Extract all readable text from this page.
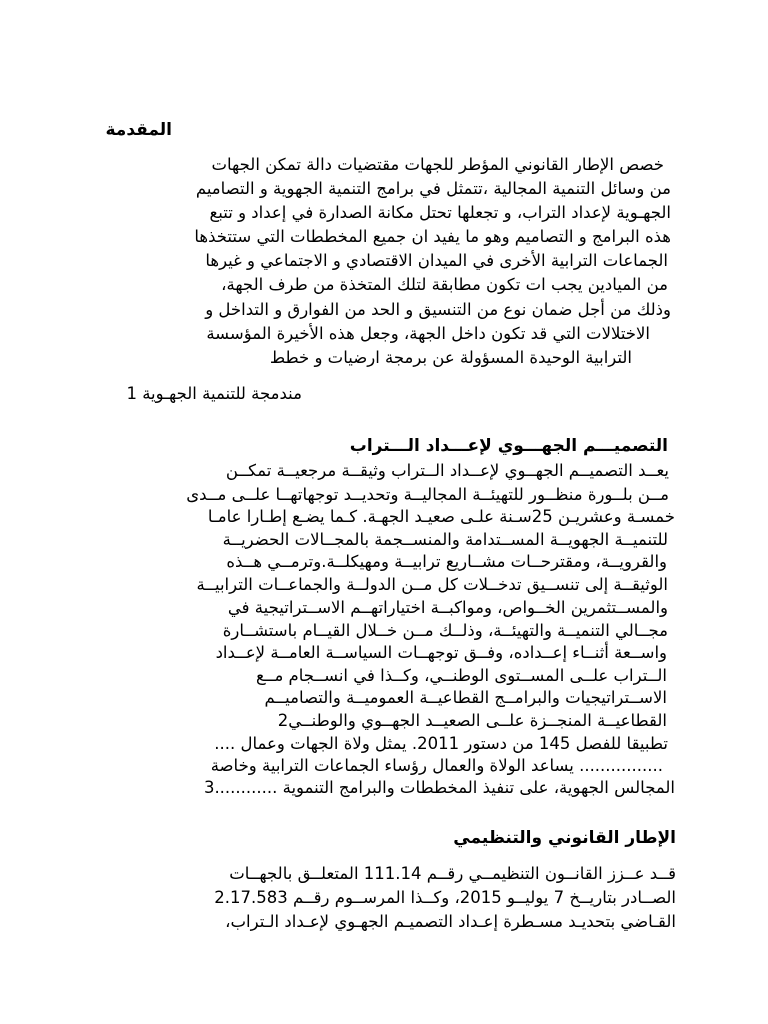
المقدمة
خصص الإطار القانوني المؤطر للجهات مقتضيات دالة تمكن الجهات
من وسائل التنمية المجالية ،تتمثل في برامج التنمية الجهوية و التصاميم
الجهـوية لإعداد التراب، و تجعلها تحتل مكانة الصدارة في إعداد و تتبع
هذه البرامج و التصاميم وهو ما يفيد ان جميع المخططات التي ستتخذها
الجماعات الترابية الأخرى في الميدان الاقتصادي و الاجتماعي و غيرها
من الميادين يجب ات تكون مطابقة لتلك المتخذة من طرف الجهة،
وذلك من أجل ضمان نوع من التنسيق و الحد من الفوارق و التداخل و
الاختلالات التي قد تكون داخل الجهة، وجعل هذه الأخيرة المؤسسة
الترابية الوحيدة المسؤولة عن برمجة ارضيات و خطط
مندمجة للتنمية الجهـوية 1
التصميـــم الجهـــوي لإعـــداد الـــتراب
يعــد التصميــم الجهــوي لإعــداد الــتراب وثيقــة مرجعيــة تمكــن
مــن بلــورة منظــور للتهيئــة المجاليــة وتحديــد توجهاتهــا علــى مــدى
خمسـة وعشريـن 25سـنة علـى صعيـد الجهـة. كـما يضـع إطـارا عامـا
للتنميــة الجهويــة المســتدامة والمنســجمة بالمجــالات الحضريــة
والقرويــة، ومقترحــات مشــاريع ترابيــة ومهيكلــة.وترمــي هــذه
الوثيقــة إلى تنســيق تدخــلات كل مــن الدولــة والجماعــات الترابيــة
والمســتثمرين الخــواص، ومواكبــة اختياراتهــم الاســتراتيجية في
مجــالي التنميــة والتهيئــة، وذلــك مــن خــلال القيــام باستشــارة
واســعة أثنــاء إعــداده، وفــق توجهــات السياســة العامــة لإعــداد
الــتراب علــى المســتوى الوطنــي، وكــذا في انســجام مــع
الاســتراتيجيات والبرامــج القطاعيــة العموميــة والتصاميــم
القطاعيــة المنجــزة علــى الصعيــد الجهــوي والوطنــي2
تطبيقا للفصل 145 من دستور 2011. يمثل ولاة الجهات وعمال ....
................ يساعد الولاة والعمال رؤساء الجماعات الترابية وخاصة
المجالس الجهوية، على تنفيذ المخططات والبرامج التنموية ............3
الإطار القانوني والتنظيمي
قــد عــزز القانــون التنظيمــي رقــم 111.14 المتعلــق بالجهــات
الصــادر بتاريــخ 7 يوليــو 2015، وكــذا المرســوم رقــم 2.17.583
القـاضي بتحديـد مسـطرة إعـداد التصميـم الجهـوي لإعـداد الـتراب،
